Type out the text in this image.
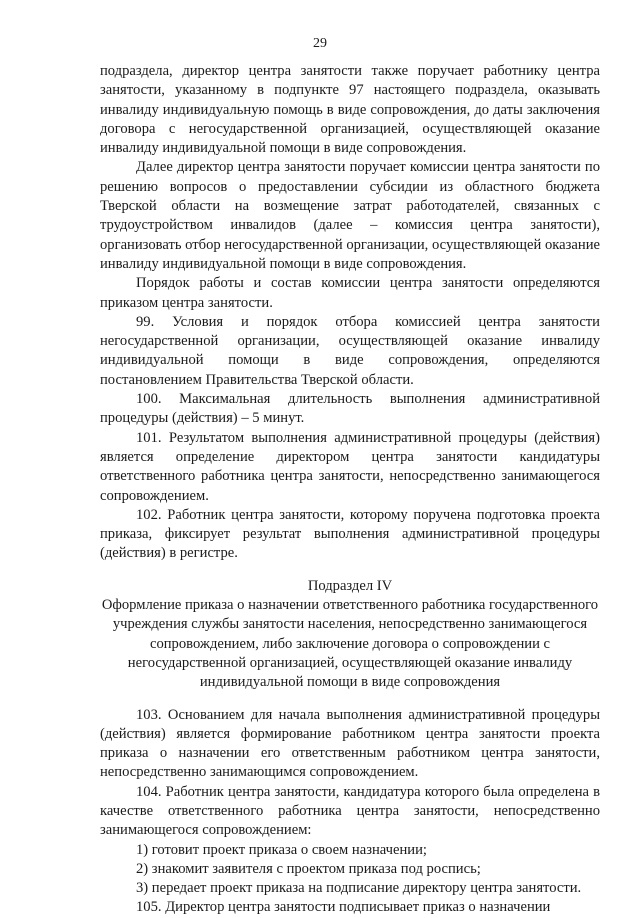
29

подраздела, директор центра занятости также поручает работнику центра занятости, указанному в подпункте 97 настоящего подраздела, оказывать инвалиду индивидуальную помощь в виде сопровождения, до даты заключения договора с негосударственной организацией, осуществляющей оказание инвалиду индивидуальной помощи в виде сопровождения.

Далее директор центра занятости поручает комиссии центра занятости по решению вопросов о предоставлении субсидии из областного бюджета Тверской области на возмещение затрат работодателей, связанных с трудоустройством инвалидов (далее – комиссия центра занятости), организовать отбор негосударственной организации, осуществляющей оказание инвалиду индивидуальной помощи в виде сопровождения.

Порядок работы и состав комиссии центра занятости определяются приказом центра занятости.

99. Условия и порядок отбора комиссией центра занятости негосударственной организации, осуществляющей оказание инвалиду индивидуальной помощи в виде сопровождения, определяются постановлением Правительства Тверской области.

100. Максимальная длительность выполнения административной процедуры (действия) – 5 минут.

101. Результатом выполнения административной процедуры (действия) является определение директором центра занятости кандидатуры ответственного работника центра занятости, непосредственно занимающегося сопровождением.

102. Работник центра занятости, которому поручена подготовка проекта приказа, фиксирует результат выполнения административной процедуры (действия) в регистре.

Подраздел IV
Оформление приказа о назначении ответственного работника государственного учреждения службы занятости населения, непосредственно занимающегося сопровождением, либо заключение договора о сопровождении с негосударственной организацией, осуществляющей оказание инвалиду индивидуальной помощи в виде сопровождения

103. Основанием для начала выполнения административной процедуры (действия) является формирование работником центра занятости проекта приказа о назначении его ответственным работником центра занятости, непосредственно занимающимся сопровождением.

104. Работник центра занятости, кандидатура которого была определена в качестве ответственного работника центра занятости, непосредственно занимающегося сопровождением:

1) готовит проект приказа о своем назначении;

2) знакомит заявителя с проектом приказа под роспись;

3) передает проект приказа на подписание директору центра занятости.

105. Директор центра занятости подписывает приказ о назначении
